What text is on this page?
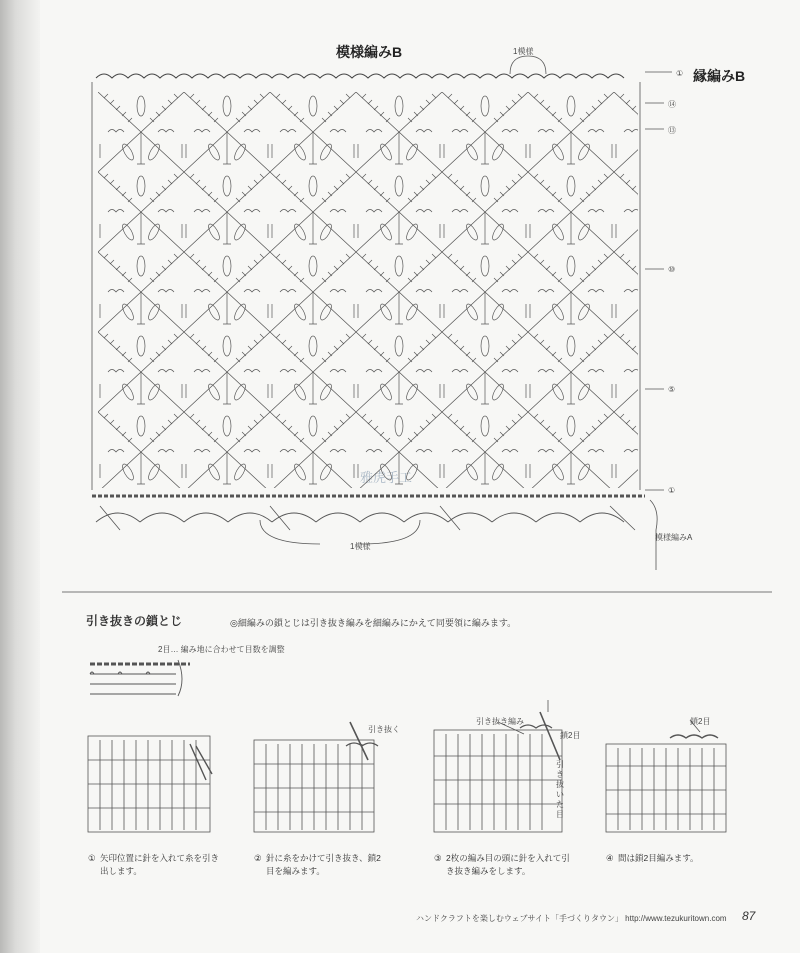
模様編みB
縁編みB
1模様
1模様
模様編みA
①
⑭
⑬
⑩
⑤
①
引き抜きの鎖とじ	◎細編みの鎖とじは引き抜き編みを細編みにかえて同要領に編みます。
2目… 編み地に合わせて目数を調整
引き抜く
引き抜き編み
鎖2目
引き抜いた目
鎖2目
① 矢印位置に針を入れて糸を引き出します。
② 針に糸をかけて引き抜き、鎖2目を編みます。
③ 2枚の編み目の頭に針を入れて引き抜き編みをします。
④ 間は鎖2目編みます。
ハンドクラフトを楽しむウェブサイト「手づくりタウン」 http://www.tezukuritown.com 87
